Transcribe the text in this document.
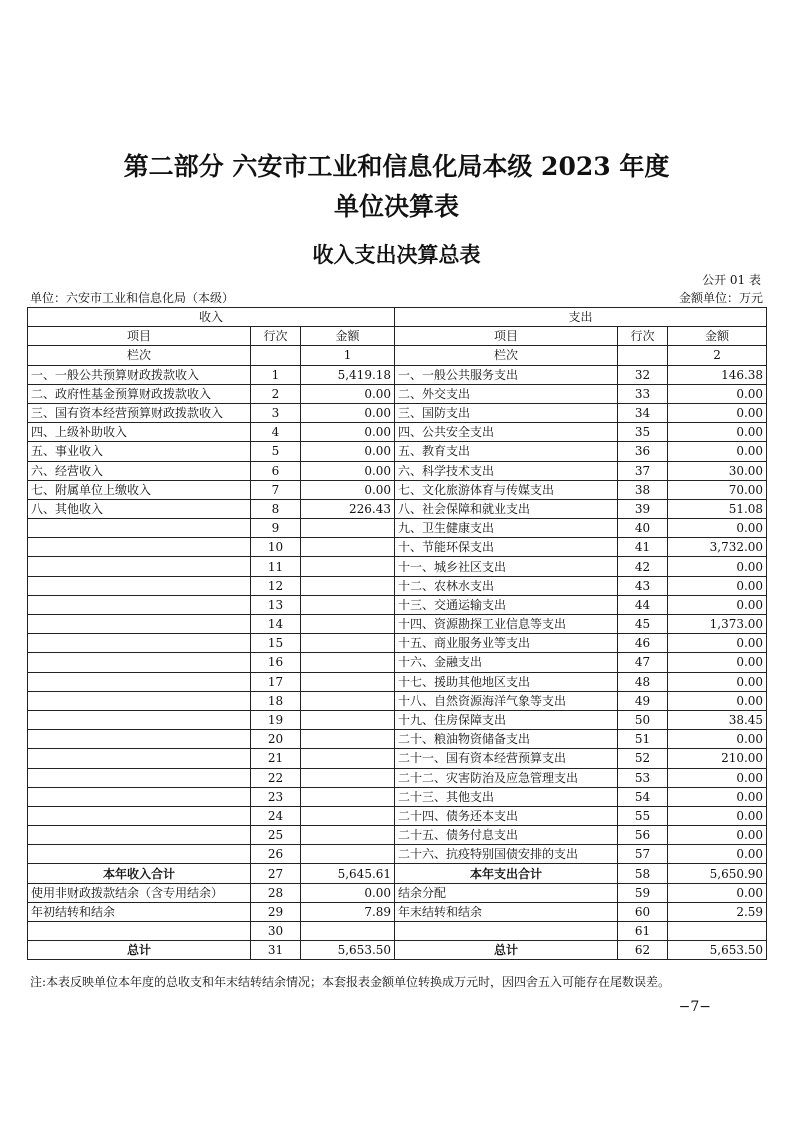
第二部分 六安市工业和信息化局本级 2023 年度
单位决算表
收入支出决算总表
公开 01 表
单位：六安市工业和信息化局（本级）	金额单位：万元
收入			支出		
项目	行次	金额	项目	行次	金额
栏次		1	栏次		2
一、一般公共预算财政拨款收入	1	5,419.18	一、一般公共服务支出	32	146.38
二、政府性基金预算财政拨款收入	2	0.00	二、外交支出	33	0.00
三、国有资本经营预算财政拨款收入	3	0.00	三、国防支出	34	0.00
四、上级补助收入	4	0.00	四、公共安全支出	35	0.00
五、事业收入	5	0.00	五、教育支出	36	0.00
六、经营收入	6	0.00	六、科学技术支出	37	30.00
七、附属单位上缴收入	7	0.00	七、文化旅游体育与传媒支出	38	70.00
八、其他收入	8	226.43	八、社会保障和就业支出	39	51.08
	9		九、卫生健康支出	40	0.00
	10		十、节能环保支出	41	3,732.00
	11		十一、城乡社区支出	42	0.00
	12		十二、农林水支出	43	0.00
	13		十三、交通运输支出	44	0.00
	14		十四、资源勘探工业信息等支出	45	1,373.00
	15		十五、商业服务业等支出	46	0.00
	16		十六、金融支出	47	0.00
	17		十七、援助其他地区支出	48	0.00
	18		十八、自然资源海洋气象等支出	49	0.00
	19		十九、住房保障支出	50	38.45
	20		二十、粮油物资储备支出	51	0.00
	21		二十一、国有资本经营预算支出	52	210.00
	22		二十二、灾害防治及应急管理支出	53	0.00
	23		二十三、其他支出	54	0.00
	24		二十四、债务还本支出	55	0.00
	25		二十五、债务付息支出	56	0.00
	26		二十六、抗疫特别国债安排的支出	57	0.00
本年收入合计	27	5,645.61	本年支出合计	58	5,650.90
使用非财政拨款结余（含专用结余）	28	0.00	结余分配	59	0.00
年初结转和结余	29	7.89	年末结转和结余	60	2.59
	30			61	
总计	31	5,653.50	总计	62	5,653.50
注:本表反映单位本年度的总收支和年末结转结余情况；本套报表金额单位转换成万元时，因四舍五入可能存在尾数误差。
−7−
